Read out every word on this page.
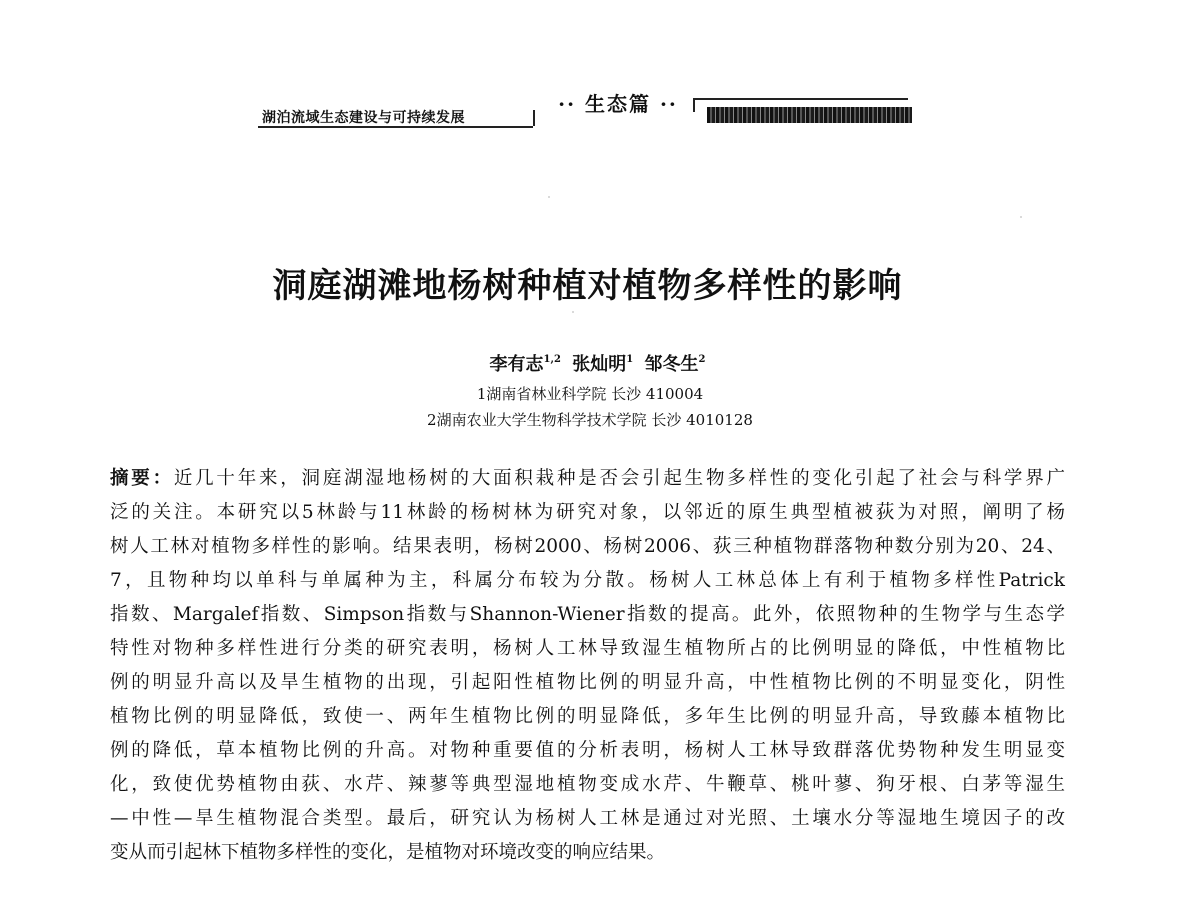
湖泊流域生态建设与可持续发展
·· 生态篇 ··
洞庭湖滩地杨树种植对植物多样性的影响
李有志$^{1,2}$ 张灿明$^1$ 邹冬生$^2$
1湖南省林业科学院 长沙 410004
2湖南农业大学生物科学技术学院 长沙 4010128
摘要：近几十年来，洞庭湖湿地杨树的大面积栽种是否会引起生物多样性的变化引起了社会与科学界广
泛的关注。本研究以5林龄与11林龄的杨树林为研究对象，以邻近的原生典型植被荻为对照，阐明了杨
树人工林对植物多样性的影响。结果表明，杨树2000、杨树2006、荻三种植物群落物种数分别为20、24、
7，且物种均以单科与单属种为主，科属分布较为分散。杨树人工林总体上有利于植物多样性Patrick
指数、Margalef指数、Simpson指数与Shannon-Wiener指数的提高。此外，依照物种的生物学与生态学
特性对物种多样性进行分类的研究表明，杨树人工林导致湿生植物所占的比例明显的降低，中性植物比
例的明显升高以及旱生植物的出现，引起阳性植物比例的明显升高，中性植物比例的不明显变化，阴性
植物比例的明显降低，致使一、两年生植物比例的明显降低，多年生比例的明显升高，导致藤本植物比
例的降低，草本植物比例的升高。对物种重要值的分析表明，杨树人工林导致群落优势物种发生明显变
化，致使优势植物由荻、水芹、辣蓼等典型湿地植物变成水芹、牛鞭草、桃叶蓼、狗牙根、白茅等湿生
—中性—旱生植物混合类型。最后，研究认为杨树人工林是通过对光照、土壤水分等湿地生境因子的改
变从而引起林下植物多样性的变化，是植物对环境改变的响应结果。
